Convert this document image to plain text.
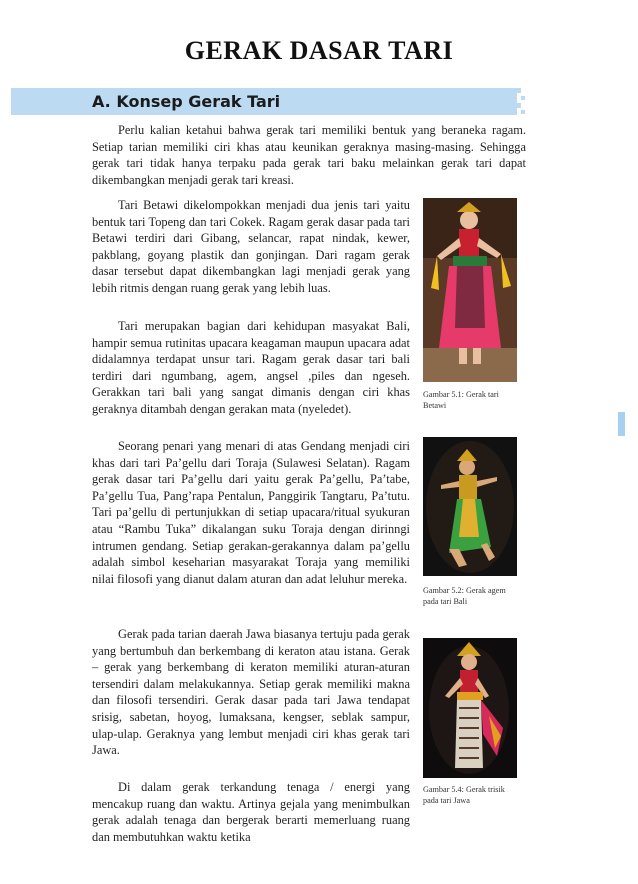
GERAK DASAR TARI
A. Konsep Gerak Tari

Perlu kalian ketahui bahwa gerak tari memiliki bentuk yang beraneka ragam. Setiap tarian memiliki ciri khas atau keunikan geraknya masing-masing. Sehingga gerak tari tidak hanya terpaku pada gerak tari baku melainkan gerak tari dapat dikembangkan menjadi gerak tari kreasi.

Tari Betawi dikelompokkan menjadi dua jenis tari yaitu bentuk tari Topeng dan tari Cokek. Ragam gerak dasar pada tari Betawi terdiri dari Gibang, selancar, rapat nindak, kewer, pakblang, goyang plastik dan gonjingan. Dari ragam gerak dasar tersebut dapat dikembangkan lagi menjadi gerak yang lebih ritmis dengan ruang gerak yang lebih luas.

Tari merupakan bagian dari kehidupan masyakat Bali, hampir semua rutinitas upacara keagaman maupun upacara adat didalamnya terdapat unsur tari. Ragam gerak dasar tari bali terdiri dari ngumbang, agem, angsel ,piles dan ngeseh. Gerakkan tari bali yang sangat dimanis dengan ciri khas geraknya ditambah dengan gerakan mata (nyeledet).

Seorang penari yang menari di atas Gendang menjadi ciri khas dari tari Pa’gellu dari Toraja (Sulawesi Selatan). Ragam gerak dasar tari Pa’gellu dari yaitu gerak Pa’gellu, Pa’tabe, Pa’gellu Tua, Pang’rapa Pentalun, Panggirik Tangtaru, Pa’tutu. Tari pa’gellu di pertunjukkan di setiap upacara/ritual syukuran atau “Rambu Tuka” dikalangan suku Toraja dengan dirinngi intrumen gendang. Setiap gerakan-gerakannya dalam pa’gellu adalah simbol keseharian masyarakat Toraja yang memiliki nilai filosofi yang dianut dalam aturan dan adat leluhur mereka.

Gerak pada tarian daerah Jawa biasanya tertuju pada gerak yang bertumbuh dan berkembang di keraton atau istana. Gerak – gerak yang berkembang di keraton memiliki aturan-aturan tersendiri dalam melakukannya. Setiap gerak memiliki makna dan filosofi tersendiri. Gerak dasar pada tari Jawa tendapat srisig, sabetan, hoyog, lumaksana, kengser, seblak sampur, ulap-ulap. Geraknya yang lembut menjadi ciri khas gerak tari Jawa.

Di dalam gerak terkandung tenaga / energi yang mencakup ruang dan waktu. Artinya gejala yang menimbulkan gerak adalah tenaga dan bergerak berarti memerluang ruang dan membutuhkan waktu ketika

Gambar 5.1: Gerak tari Betawi

Gambar 5.2: Gerak agem pada tari Bali

Gambar 5.4: Gerak trisik pada tari Jawa
